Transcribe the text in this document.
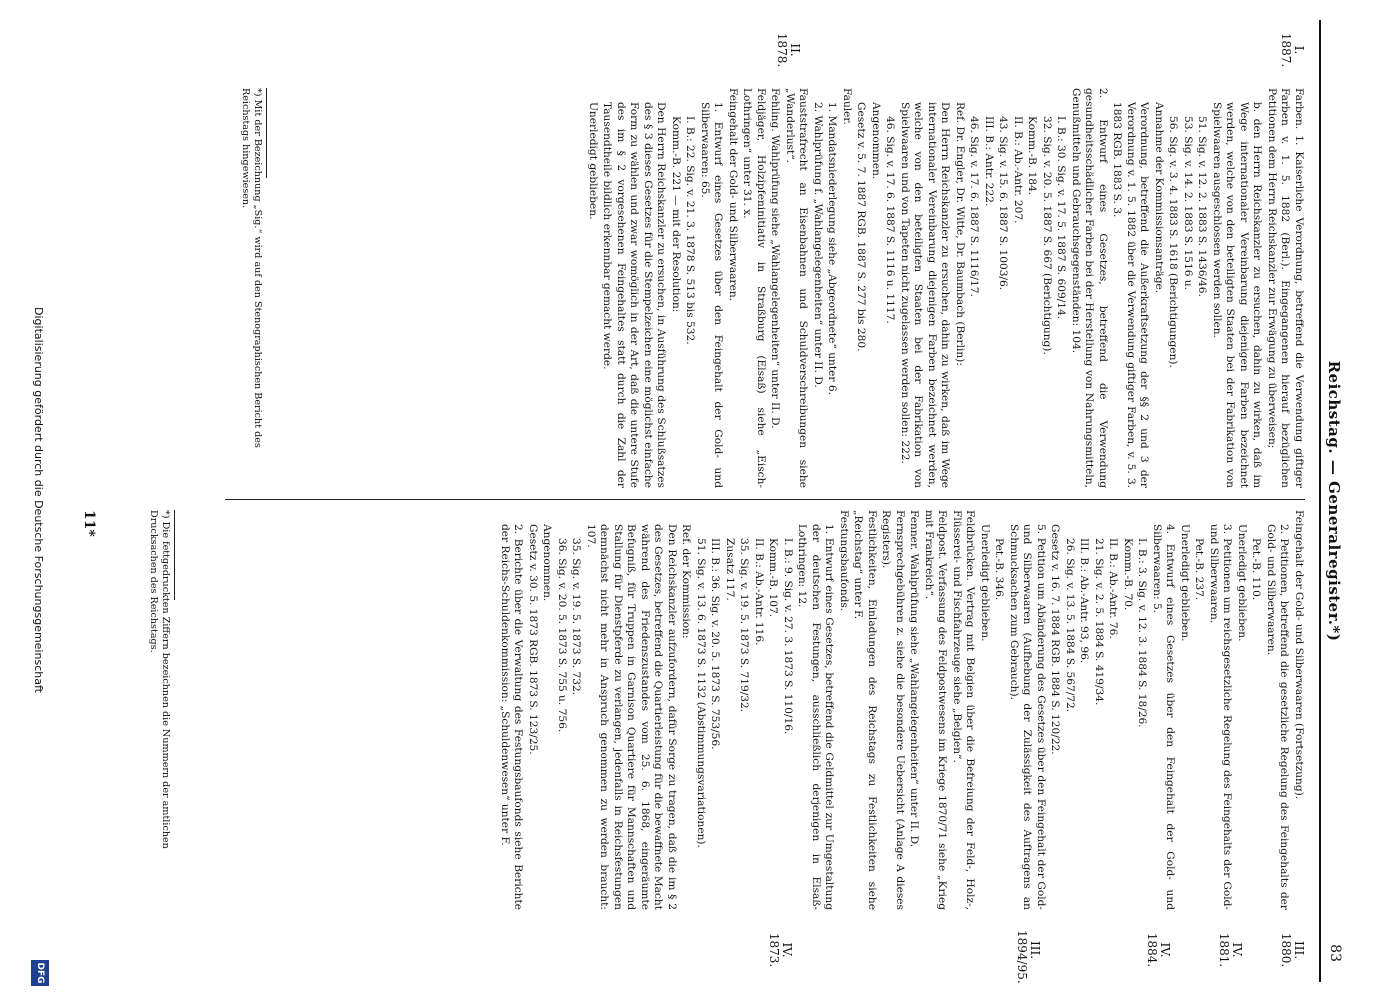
Reichstag. — Generalregister.*)
83
I. 1887.
II. 1878.
III. 1880.
IV. 1881.
IV. 1884.
III. 1894/95.
IV. 1873.
Farben. 1. Kaiserliche Verordnung, betreffend die Verwendung giftiger Farben v. 1. 5. 1882 (Berl.). Eingegangenen hierauf bezüglichen Petitionen dem Herrn Reichskanzler zur Erwägung zu überweisen;
b. den Herrn Reichskanzler zu ersuchen, dahin zu wirken, daß im Wege internationaler Vereinbarung diejenigen Farben bezeichnet werden, welche von den beteiligten Staaten bei der Fabrikation von Spielwaaren ausgeschlossen werden sollen.
51. Sig. v. 12. 2. 1883 S. 1436/46.
53. Sig. v. 14. 2. 1883 S. 1516 u.
56. Sig. v. 3. 4. 1883 S. 1618 (Berichtigungen).
Annahme der Kommissionsanträge.
Verordnung, betreffend die Außerkraftsetzung der §§ 2 und 3 der Verordnung v. 1. 5. 1882 über die Verwendung giftiger Farben, v. 5. 3. 1883 RGB. 1883 S. 3.
2. Entwurf eines Gesetzes, betreffend die Verwendung gesundheitsschädlicher Farben bei der Herstellung von Nahrungsmitteln, Genußmitteln und Gebrauchsgegenständen: 104.
I. B.: 30. Sig. v. 17. 5. 1887 S. 609/14.
32. Sig. v. 20. 5. 1887 S. 667 (Berichtigung).
Komm.-B. 184.
II. B.: Ab.-Antr. 207.
43. Sig. v. 15. 6. 1887 S. 1003/6.
III. B.: Antr. 222.
46. Sig. v. 17. 6. 1887 S. 1116/17.
Ref. Dr. Engler, Dr. Witte, Dr. Baumbach (Berlin):
Den Herrn Reichskanzler zu ersuchen, dahin zu wirken, daß im Wege internationaler Vereinbarung diejenigen Farben bezeichnet werden, welche von den beteiligten Staaten bei der Fabrikation von Spielwaaren und von Tapeten nicht zugelassen werden sollen: 222.
46. Sig. v. 17. 6. 1887 S. 1116 u. 1117.
Angenommen.
Gesetz v. 5. 7. 1887 RGB. 1887 S. 277 bis 280.
Fauler.
1. Mandatsniederlegung siehe „Abgeordnete“ unter 6.
2. Wahlprüfung f. „Wahlangelegenheiten“ unter II. D.
Fauststrafrecht an Eisenbahnen und Schuldverschreibungen siehe „Wanderlust“.
Fehling. Wahlprüfung siehe „Wahlangelegenheiten“ unter II. D.
Feldjäger, Holzipfeninitiativ in Straßburg (Elsaß) siehe „Eisch-Lothringen“ unter 31. x.
Feingehalt der Gold- und Silberwaaren.
1. Entwurf eines Gesetzes über den Feingehalt der Gold- und Silberwaaren: 65.
I. B.: 22. Sig. v. 21. 3. 1878 S. 513 bis 532.
Komm.-B. 221 — mit der Resolution:
Den Herrn Reichskanzler zu ersuchen, in Ausführung des Schlußsatzes des § 3 dieses Gesetzes für die Stempelzeichen eine möglichst einfache Form zu wählen und zwar womöglich in der Art, daß die untere Stufe des im § 2 vorgesehenen Feingehaltes statt durch die Zahl der Tausendtheile bildlich erkennbar gemacht werde.
Unerledigt geblieben.
Feingehalt der Gold- und Silberwaaren (Fortsetzung).
2. Petitionen, betreffend die gesetzliche Regelung des Feingehalts der Gold- und Silberwaaren.
Pet.-B. 110.
Unerledigt geblieben.
3. Petitionen um reichsgesetzliche Regelung des Feingehalts der Gold- und Silberwaaren.
Pet.-B. 237.
Unerledigt geblieben.
4. Entwurf eines Gesetzes über den Feingehalt der Gold- und Silberwaaren: 5.
I. B.: 3. Sig. v. 12. 3. 1884 S. 18/26.
Komm.-B. 70.
II. B.: Ab.-Antr. 76.
21. Sig. v. 2. 5. 1884 S. 419/34.
III. B.: Ab.-Antr. 93, 96.
26. Sig. v. 13. 5. 1884 S. 567/72.
Gesetz v. 16. 7. 1884 RGB. 1884 S. 120/22.
5. Petition um Abänderung des Gesetzes über den Feingehalt der Gold- und Silberwaaren (Aufhebung der Zulässigkeit des Auftragens an Schmucksachen zum Gebrauch).
Pet.-B. 346.
Unerledigt geblieben.
Feldbrücken. Vertrag mit Belgien über die Befreiung der Feld-, Holz-, Flüsserei- und Fischfahrzeuge siehe „Belgien“.
Feldpost. Verfassung des Feldpostwesens im Kriege 1870/71 siehe „Krieg mit Frankreich“.
Fenner. Wahlprüfung siehe „Wahlangelegenheiten“ unter II. D.
Fernsprechgebühren z. siehe die besondere Uebersicht (Anlage A dieses Registers).
Festlichkeiten, Einladungen des Reichstags zu Festlichkeiten siehe „Reichstag“ unter F.
Festungsbaufonds.
1. Entwurf eines Gesetzes, betreffend die Geldmittel zur Umgestaltung der deutschen Festungen, ausschließlich derjenigen in Elsaß-Lothringen: 12.
I. B.: 9. Sig. v. 27. 3. 1873 S. 110/16.
Komm.-B. 107.
II. B.: Ab.-Antr. 116.
35. Sig. v. 19. 5. 1873 S. 719/32.
Zusatz 117.
III. B.: 36. Sig. v. 20. 5. 1873 S. 753/56.
51. Sig. v. 13. 6. 1873 S. 1132 (Abstimmungsvariationen).
Ref. der Kommission:
Den Reichskanzler aufzufordern, dafür Sorge zu tragen, daß die im § 2 des Gesetzes, betreffend die Quartierleistung für die bewaffnete Macht während des Friedenszustandes vom 25. 6. 1868, eingeräumte Befugniß, für Truppen in Garnison Quartiere für Mannschaften und Stallung für Dienstpferde zu verlangen, jedenfalls in Reichsfestungen demnächst nicht mehr in Anspruch genommen zu werden braucht: 107.
35. Sig. v. 19. 5. 1873 S. 732.
36. Sig. v. 20. 5. 1873 S. 755 u. 756.
Angenommen.
Gesetz v. 30. 5. 1873 RGB. 1873 S. 123/25.
2. Berichte über die Verwaltung des Festungsbaufonds siehe Berichte der Reichs-Schuldenkommission: „Schuldenwesen“ unter F.
*) Mit der Bezeichnung „Sig.“ wird auf den Stenographischen Bericht des Reichstags hingewiesen.
*) Die fettgedruckten Ziffern bezeichnen die Nummern der amtlichen Drucksachen des Reichstags.
11*
Digitalisierung gefördert durch die Deutsche Forschungsgemeinschaft
DFG
